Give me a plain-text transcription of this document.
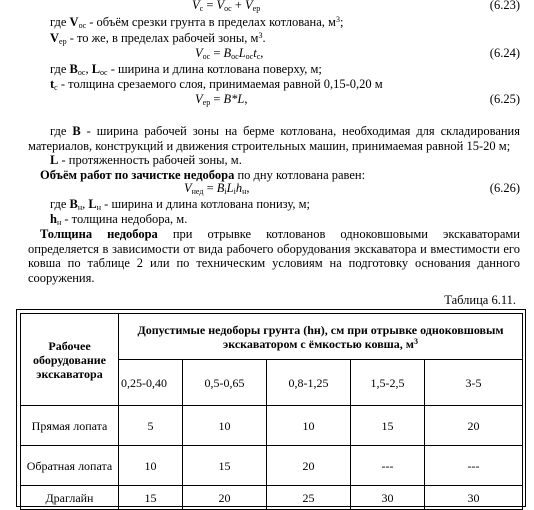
$V_c = V_{oc} + V_{ep}$	(6.23)
где $V_{oc}$ - объём срезки грунта в пределах котлована, $м^3$;
$V_{ep}$ - то же, в пределах рабочей зоны, $м^3$.
$V_{oc} = B_{oc}L_{oc}t_c$,	(6.24)
где $B_{oc}$, $L_{oc}$ - ширина и длина котлована поверху, м;
$t_c$ - толщина срезаемого слоя, принимаемая равной 0,15-0,20 м
$V_{ep} = B*L$,	(6.25)
где B - ширина рабочей зоны на берме котлована, необходимая для складирования материалов, конструкций и движения строительных машин, принимаемая равной 15-20 м;
L - протяженность рабочей зоны, м.
Объём работ по зачистке недобора по дну котлована равен:
$V_{нед} = B_iL_ih_н$,	(6.26)
где $B_н$, $L_н$ - ширина и длина котлована понизу, м;
$h_н$ - толщина недобора, м.
Толщина недобора при отрывке котлованов одноковшовыми экскаваторами определяется в зависимости от вида рабочего оборудования экскаватора и вместимости его ковша по таблице 2 или по техническим условиям на подготовку основания данного сооружения.
Таблица 6.11.
Рабочее оборудование экскаватора	Допустимые недоборы грунта (hн), см при отрывке одноковшовым экскаватором с ёмкостью ковша, $м^3$
	0,25-0,40	0,5-0,65	0,8-1,25	1,5-2,5	3-5
Прямая лопата	5	10	10	15	20
Обратная лопата	10	15	20	---	---
Драглайн	15	20	25	30	30
